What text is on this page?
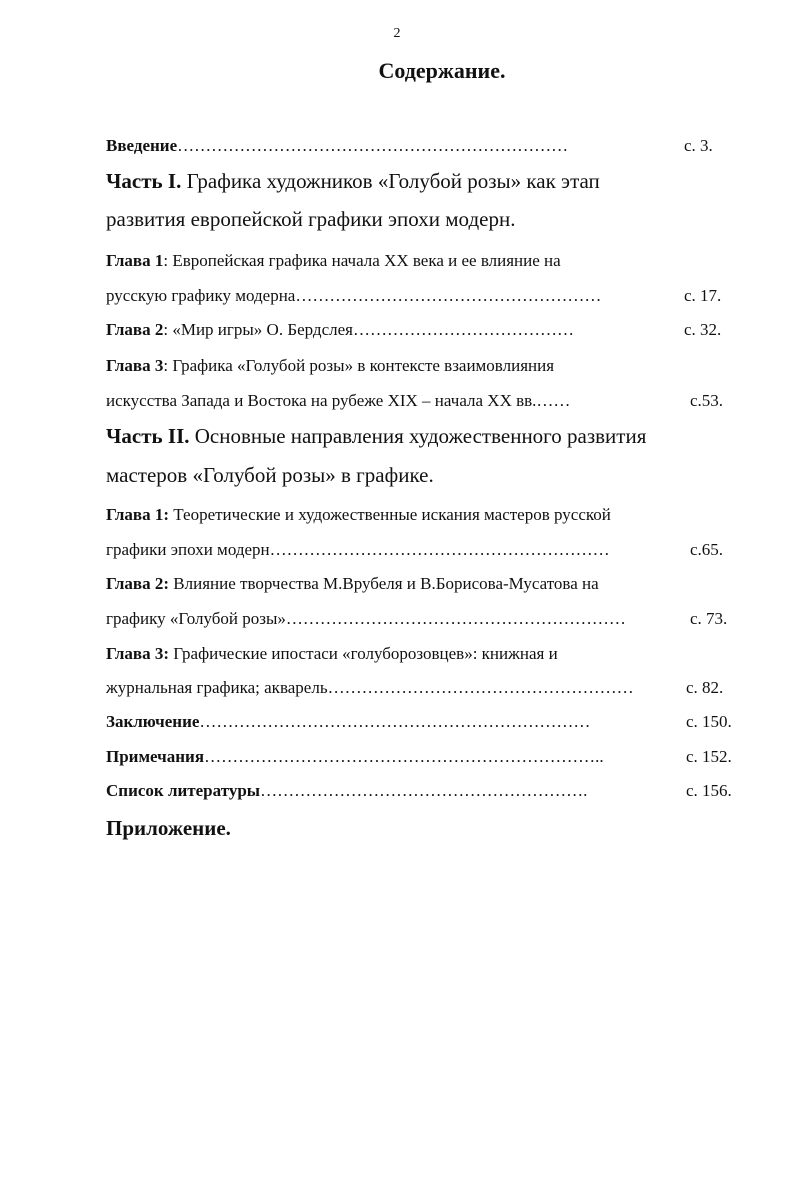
2
Содержание.
Введение……………………………………………………………	с. 3.
Часть I. Графика художников «Голубой розы» как этап
развития европейской графики эпохи модерн.
Глава 1: Европейская графика начала XX века и ее влияние на
русскую графику модерна………………………………………………	с. 17.
Глава 2: «Мир игры» О. Бердслея…………………………………	с. 32.
Глава 3: Графика «Голубой розы» в контексте взаимовлияния
искусства Запада и Востока на рубеже XIX – начала XX вв.……	с.53.
Часть II. Основные направления художественного развития
мастеров «Голубой розы» в графике.
Глава 1: Теоретические и художественные искания мастеров русской
графики эпохи модерн……………………………………………………	с.65.
Глава 2: Влияние творчества М.Врубеля и В.Борисова-Мусатова на
графику «Голубой розы»……………………………………………………	с. 73.
Глава 3: Графические ипостаси «голуборозовцев»: книжная и
журнальная графика; акварель………………………………………………	с. 82.
Заключение……………………………………………………………	с. 150.
Примечания……………………………………………………………..	с. 152.
Список литературы………………………………………………….	с. 156.
Приложение.
